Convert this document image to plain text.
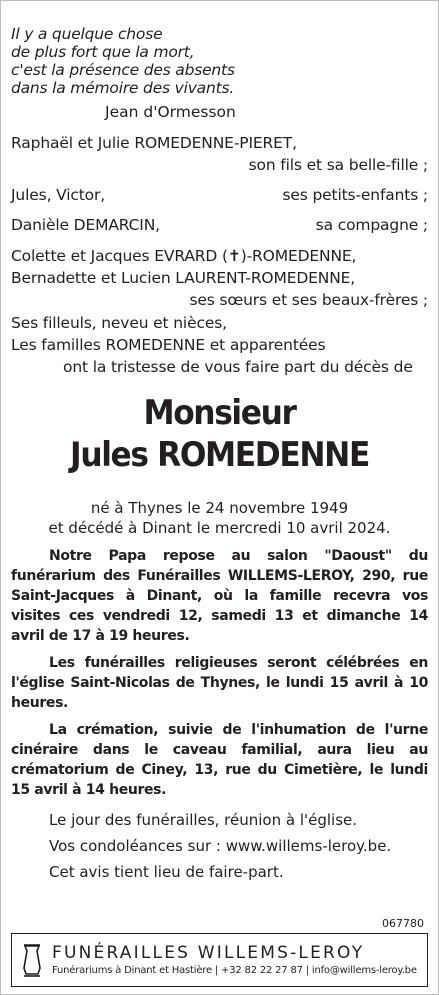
Il y a quelque chose
de plus fort que la mort,
c'est la présence des absents
dans la mémoire des vivants.
Jean d'Ormesson
Raphaël et Julie ROMEDENNE-PIERET,
son fils et sa belle-fille ;
Jules, Victor,	ses petits-enfants ;
Danièle DEMARCIN,	sa compagne ;
Colette et Jacques EVRARD (✝)-ROMEDENNE,
Bernadette et Lucien LAURENT-ROMEDENNE,
ses sœurs et ses beaux-frères ;
Ses filleuls, neveu et nièces,
Les familles ROMEDENNE et apparentées
ont la tristesse de vous faire part du décès de
Monsieur
Jules ROMEDENNE
né à Thynes le 24 novembre 1949
et décédé à Dinant le mercredi 10 avril 2024.

Notre Papa repose au salon "Daoust" du funérarium des Funérailles WILLEMS-LEROY, 290, rue Saint-Jacques à Dinant, où la famille recevra vos visites ces vendredi 12, samedi 13 et dimanche 14 avril de 17 à 19 heures.

Les funérailles religieuses seront célébrées en l'église Saint-Nicolas de Thynes, le lundi 15 avril à 10 heures.

La crémation, suivie de l'inhumation de l'urne cinéraire dans le caveau familial, aura lieu au crématorium de Ciney, 13, rue du Cimetière, le lundi 15 avril à 14 heures.

Le jour des funérailles, réunion à l'église.
Vos condoléances sur : www.willems-leroy.be.
Cet avis tient lieu de faire-part.
067780
FUNÉRAILLES WILLEMS-LEROY
Funérariums à Dinant et Hastière | +32 82 22 27 87 | info@willems-leroy.be
